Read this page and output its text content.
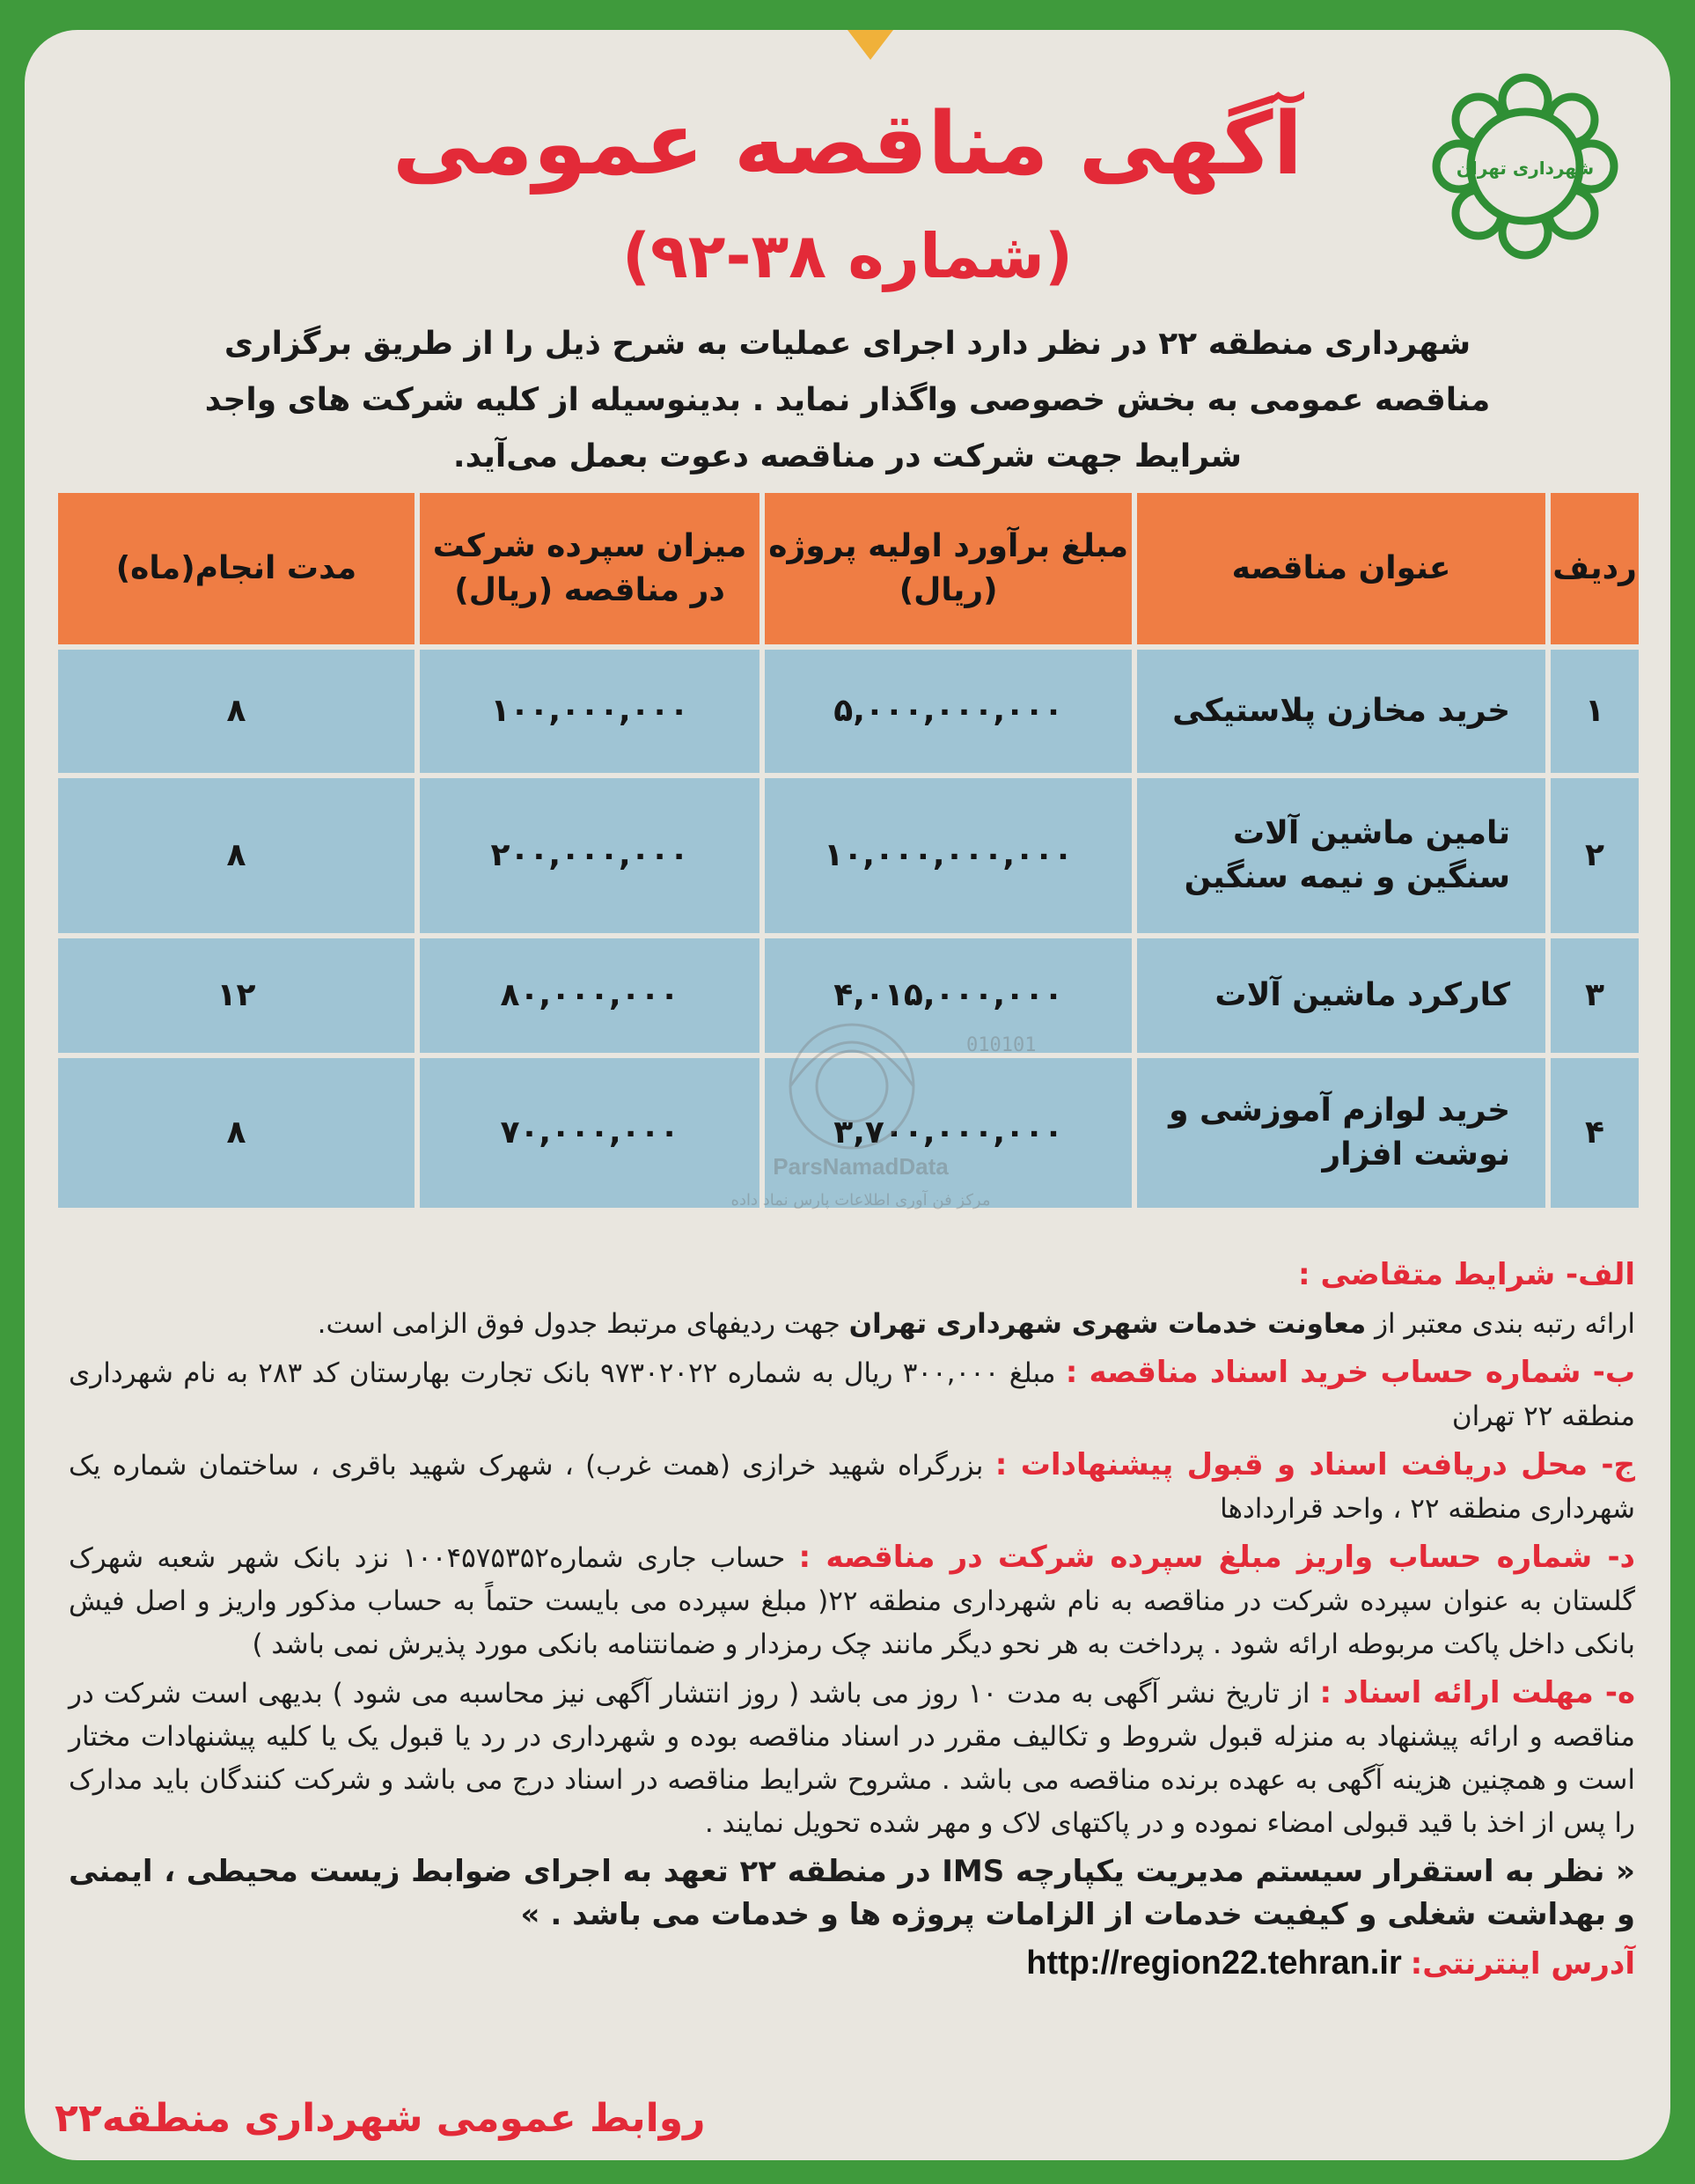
شهرداری تهران
آگهی مناقصه عمومی
(شماره ۳۸-۹۲)
شهرداری منطقه ۲۲ در نظر دارد اجرای عملیات به شرح ذیل را از طریق برگزاری مناقصه عمومی به بخش خصوصی واگذار نماید . بدینوسیله از کلیه شرکت های واجد شرایط جهت شرکت در مناقصه دعوت بعمل می‌آید.
ردیف	عنوان مناقصه	مبلغ برآورد اولیه پروژه (ریال)	میزان سپرده شرکت در مناقصه (ریال)	مدت انجام(ماه)
۱	خرید مخازن پلاستیکی	۵,۰۰۰,۰۰۰,۰۰۰	۱۰۰,۰۰۰,۰۰۰	۸
۲	تامین ماشین آلات سنگین و نیمه سنگین	۱۰,۰۰۰,۰۰۰,۰۰۰	۲۰۰,۰۰۰,۰۰۰	۸
۳	کارکرد ماشین آلات	۴,۰۱۵,۰۰۰,۰۰۰	۸۰,۰۰۰,۰۰۰	۱۲
۴	خرید لوازم آموزشی و نوشت افزار	۳,۷۰۰,۰۰۰,۰۰۰	۷۰,۰۰۰,۰۰۰	۸
010101
ParsNamadData
مرکز فن آوری اطلاعات پارس نماد داده

الف- شرایط متقاضی :

ارائه رتبه بندی معتبر از معاونت خدمات شهری شهرداری تهران جهت ردیفهای مرتبط جدول فوق الزامی است.

ب- شماره حساب خرید اسناد مناقصه : مبلغ ۳۰۰,۰۰۰ ریال به شماره ۹۷۳۰۲۰۲۲ بانک تجارت بهارستان کد ۲۸۳ به نام شهرداری منطقه ۲۲ تهران

ج- محل دریافت اسناد و قبول پیشنهادات : بزرگراه شهید خرازی (همت غرب) ، شهرک شهید باقری ، ساختمان شماره یک شهرداری منطقه ۲۲ ، واحد قراردادها

د- شماره حساب واریز مبلغ سپرده شرکت در مناقصه : حساب جاری شماره۱۰۰۴۵۷۵۳۵۲ نزد بانک شهر شعبه شهرک گلستان به عنوان سپرده شرکت در مناقصه به نام شهرداری منطقه ۲۲( مبلغ سپرده می بایست حتماً به حساب مذکور واریز و اصل فیش بانکی داخل پاکت مربوطه ارائه شود . پرداخت به هر نحو دیگر مانند چک رمزدار و ضمانتنامه بانکی مورد پذیرش نمی باشد )

ه- مهلت ارائه اسناد : از تاریخ نشر آگهی به مدت ۱۰ روز می باشد ( روز انتشار آگهی نیز محاسبه می شود ) بدیهی است شرکت در مناقصه و ارائه پیشنهاد به منزله قبول شروط و تکالیف مقرر در اسناد مناقصه بوده و شهرداری در رد یا قبول یک یا کلیه پیشنهادات مختار است و همچنین هزینه آگهی به عهده برنده مناقصه می باشد . مشروح شرایط مناقصه در اسناد درج می باشد و شرکت کنندگان باید مدارک را پس از اخذ با قید قبولی امضاء نموده و در پاکتهای لاک و مهر شده تحویل نمایند .

« نظر به استقرار سیستم مدیریت یکپارچه IMS در منطقه ۲۲ تعهد به اجرای ضوابط زیست محیطی ، ایمنی و بهداشت شغلی و کیفیت خدمات از الزامات پروژه ها و خدمات می باشد . »

آدرس اینترنتی: http://region22.tehran.ir

روابط عمومی شهرداری منطقه۲۲
